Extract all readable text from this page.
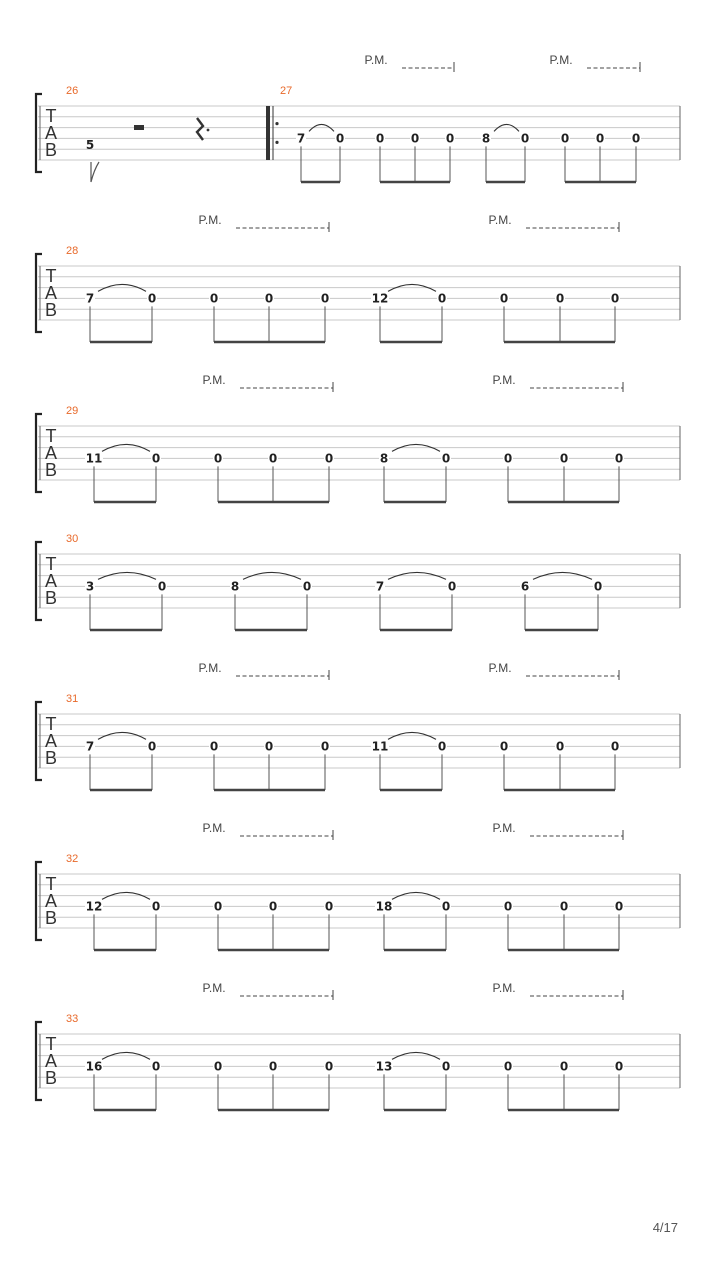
T
A
B
26
5
27
7	0	0 0 0 8	0	0 0 0
P.M.	P.M.
T
A
B
28
7	0	0	0	0	12	0	0	0	0
P.M.	P.M.
T
A
B
29
11	0	0	0	0	8	0	0	0	0
P.M.	P.M.
T
A
B
30
3	0	8	0	7	0	6	0
T
A
B
31
7	0	0	0	0	11	0	0	0	0
P.M.	P.M.
T
A
B
32
12	0	0	0	0	18	0	0	0	0
P.M.	P.M.
T
A
B
33
16	0	0	0	0	13	0	0	0	0
P.M.	P.M.
4/17
